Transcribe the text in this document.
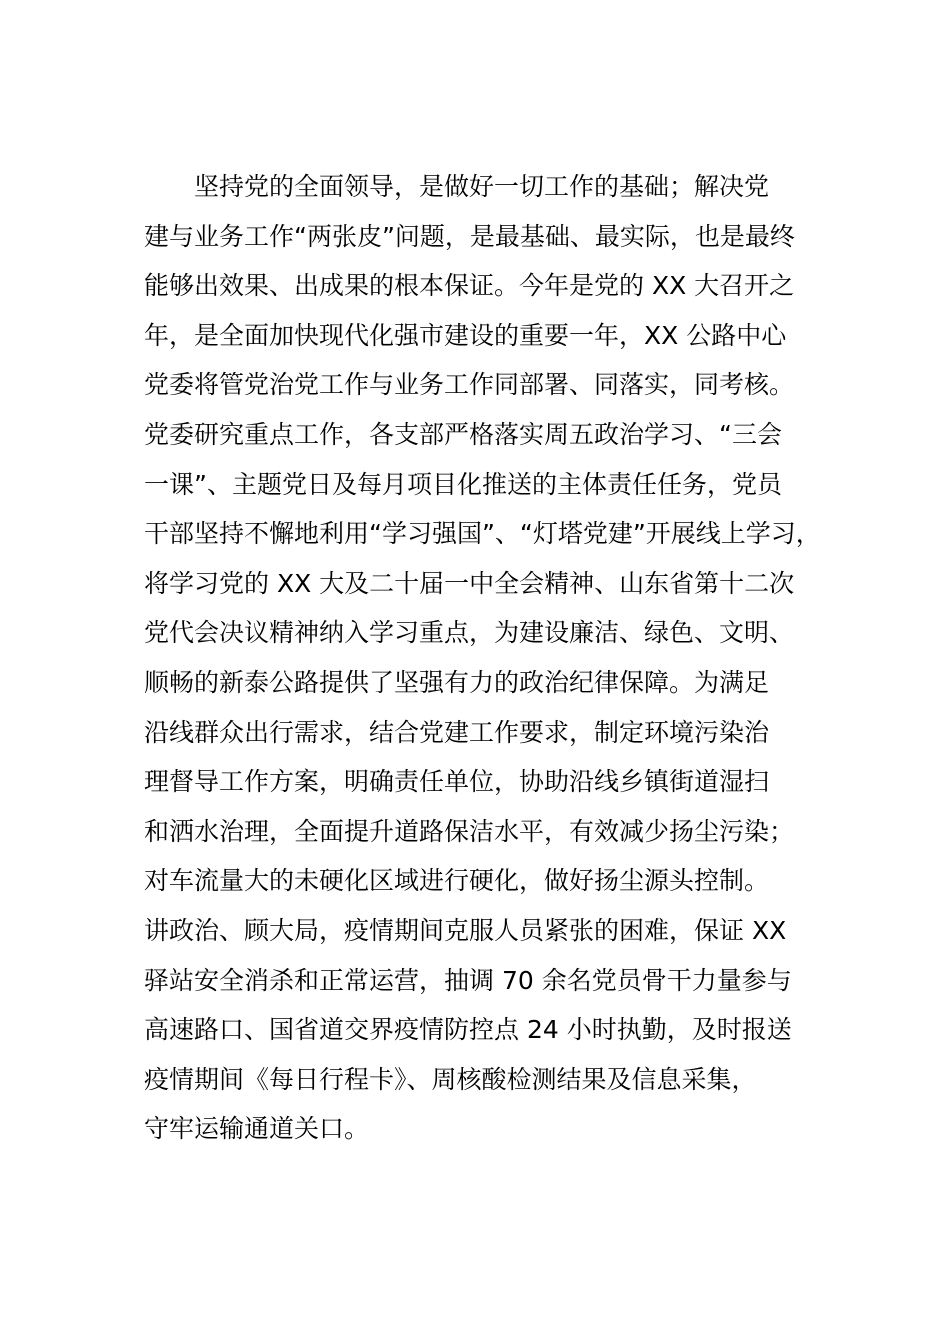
坚持党的全面领导，是做好一切工作的基础；解决党
建与业务工作“两张皮”问题，是最基础、最实际，也是最终
能够出效果、出成果的根本保证。今年是党的 XX 大召开之
年，是全面加快现代化强市建设的重要一年，XX 公路中心
党委将管党治党工作与业务工作同部署、同落实，同考核。
党委研究重点工作，各支部严格落实周五政治学习、“三会
一课”、主题党日及每月项目化推送的主体责任任务，党员
干部坚持不懈地利用“学习强国”、“灯塔党建”开展线上学习，
将学习党的 XX 大及二十届一中全会精神、山东省第十二次
党代会决议精神纳入学习重点，为建设廉洁、绿色、文明、
顺畅的新泰公路提供了坚强有力的政治纪律保障。为满足
沿线群众出行需求，结合党建工作要求，制定环境污染治
理督导工作方案，明确责任单位，协助沿线乡镇街道湿扫
和洒水治理，全面提升道路保洁水平，有效减少扬尘污染；
对车流量大的未硬化区域进行硬化，做好扬尘源头控制。
讲政治、顾大局，疫情期间克服人员紧张的困难，保证 XX
驿站安全消杀和正常运营，抽调 70 余名党员骨干力量参与
高速路口、国省道交界疫情防控点 24 小时执勤，及时报送
疫情期间《每日行程卡》、周核酸检测结果及信息采集，
守牢运输通道关口。
